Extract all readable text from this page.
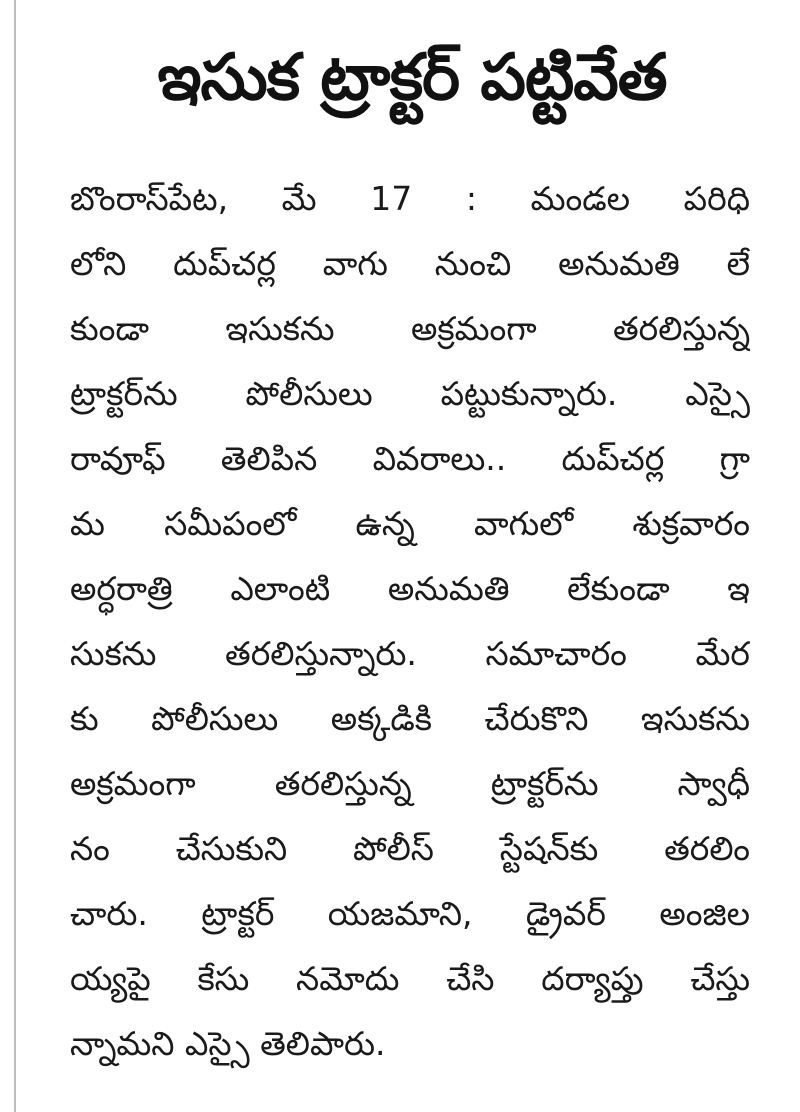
ఇసుక ట్రాక్టర్ పట్టివేత
బొంరాస్‌పేట, మే 17 : మండల పరిధి
లోని దుప్‌చర్ల వాగు నుంచి అనుమతి లే
కుండా ఇసుకను అక్రమంగా తరలిస్తున్న
ట్రాక్టర్‌ను పోలీసులు పట్టుకున్నారు. ఎస్సై
రావూఫ్ తెలిపిన వివరాలు.. దుప్‌చర్ల గ్రా
మ సమీపంలో ఉన్న వాగులో శుక్రవారం
అర్ధరాత్రి ఎలాంటి అనుమతి లేకుండా ఇ
సుకను తరలిస్తున్నారు. సమాచారం మేర
కు పోలీసులు అక్కడికి చేరుకొని ఇసుకను
అక్రమంగా తరలిస్తున్న ట్రాక్టర్‌ను స్వాధీ
నం చేసుకుని పోలీస్ స్టేషన్‌కు తరలిం
చారు. ట్రాక్టర్ యజమాని, డ్రైవర్ అంజిల
య్యపై కేసు నమోదు చేసి దర్యాప్తు చేస్తు
న్నామని ఎస్సై తెలిపారు.
